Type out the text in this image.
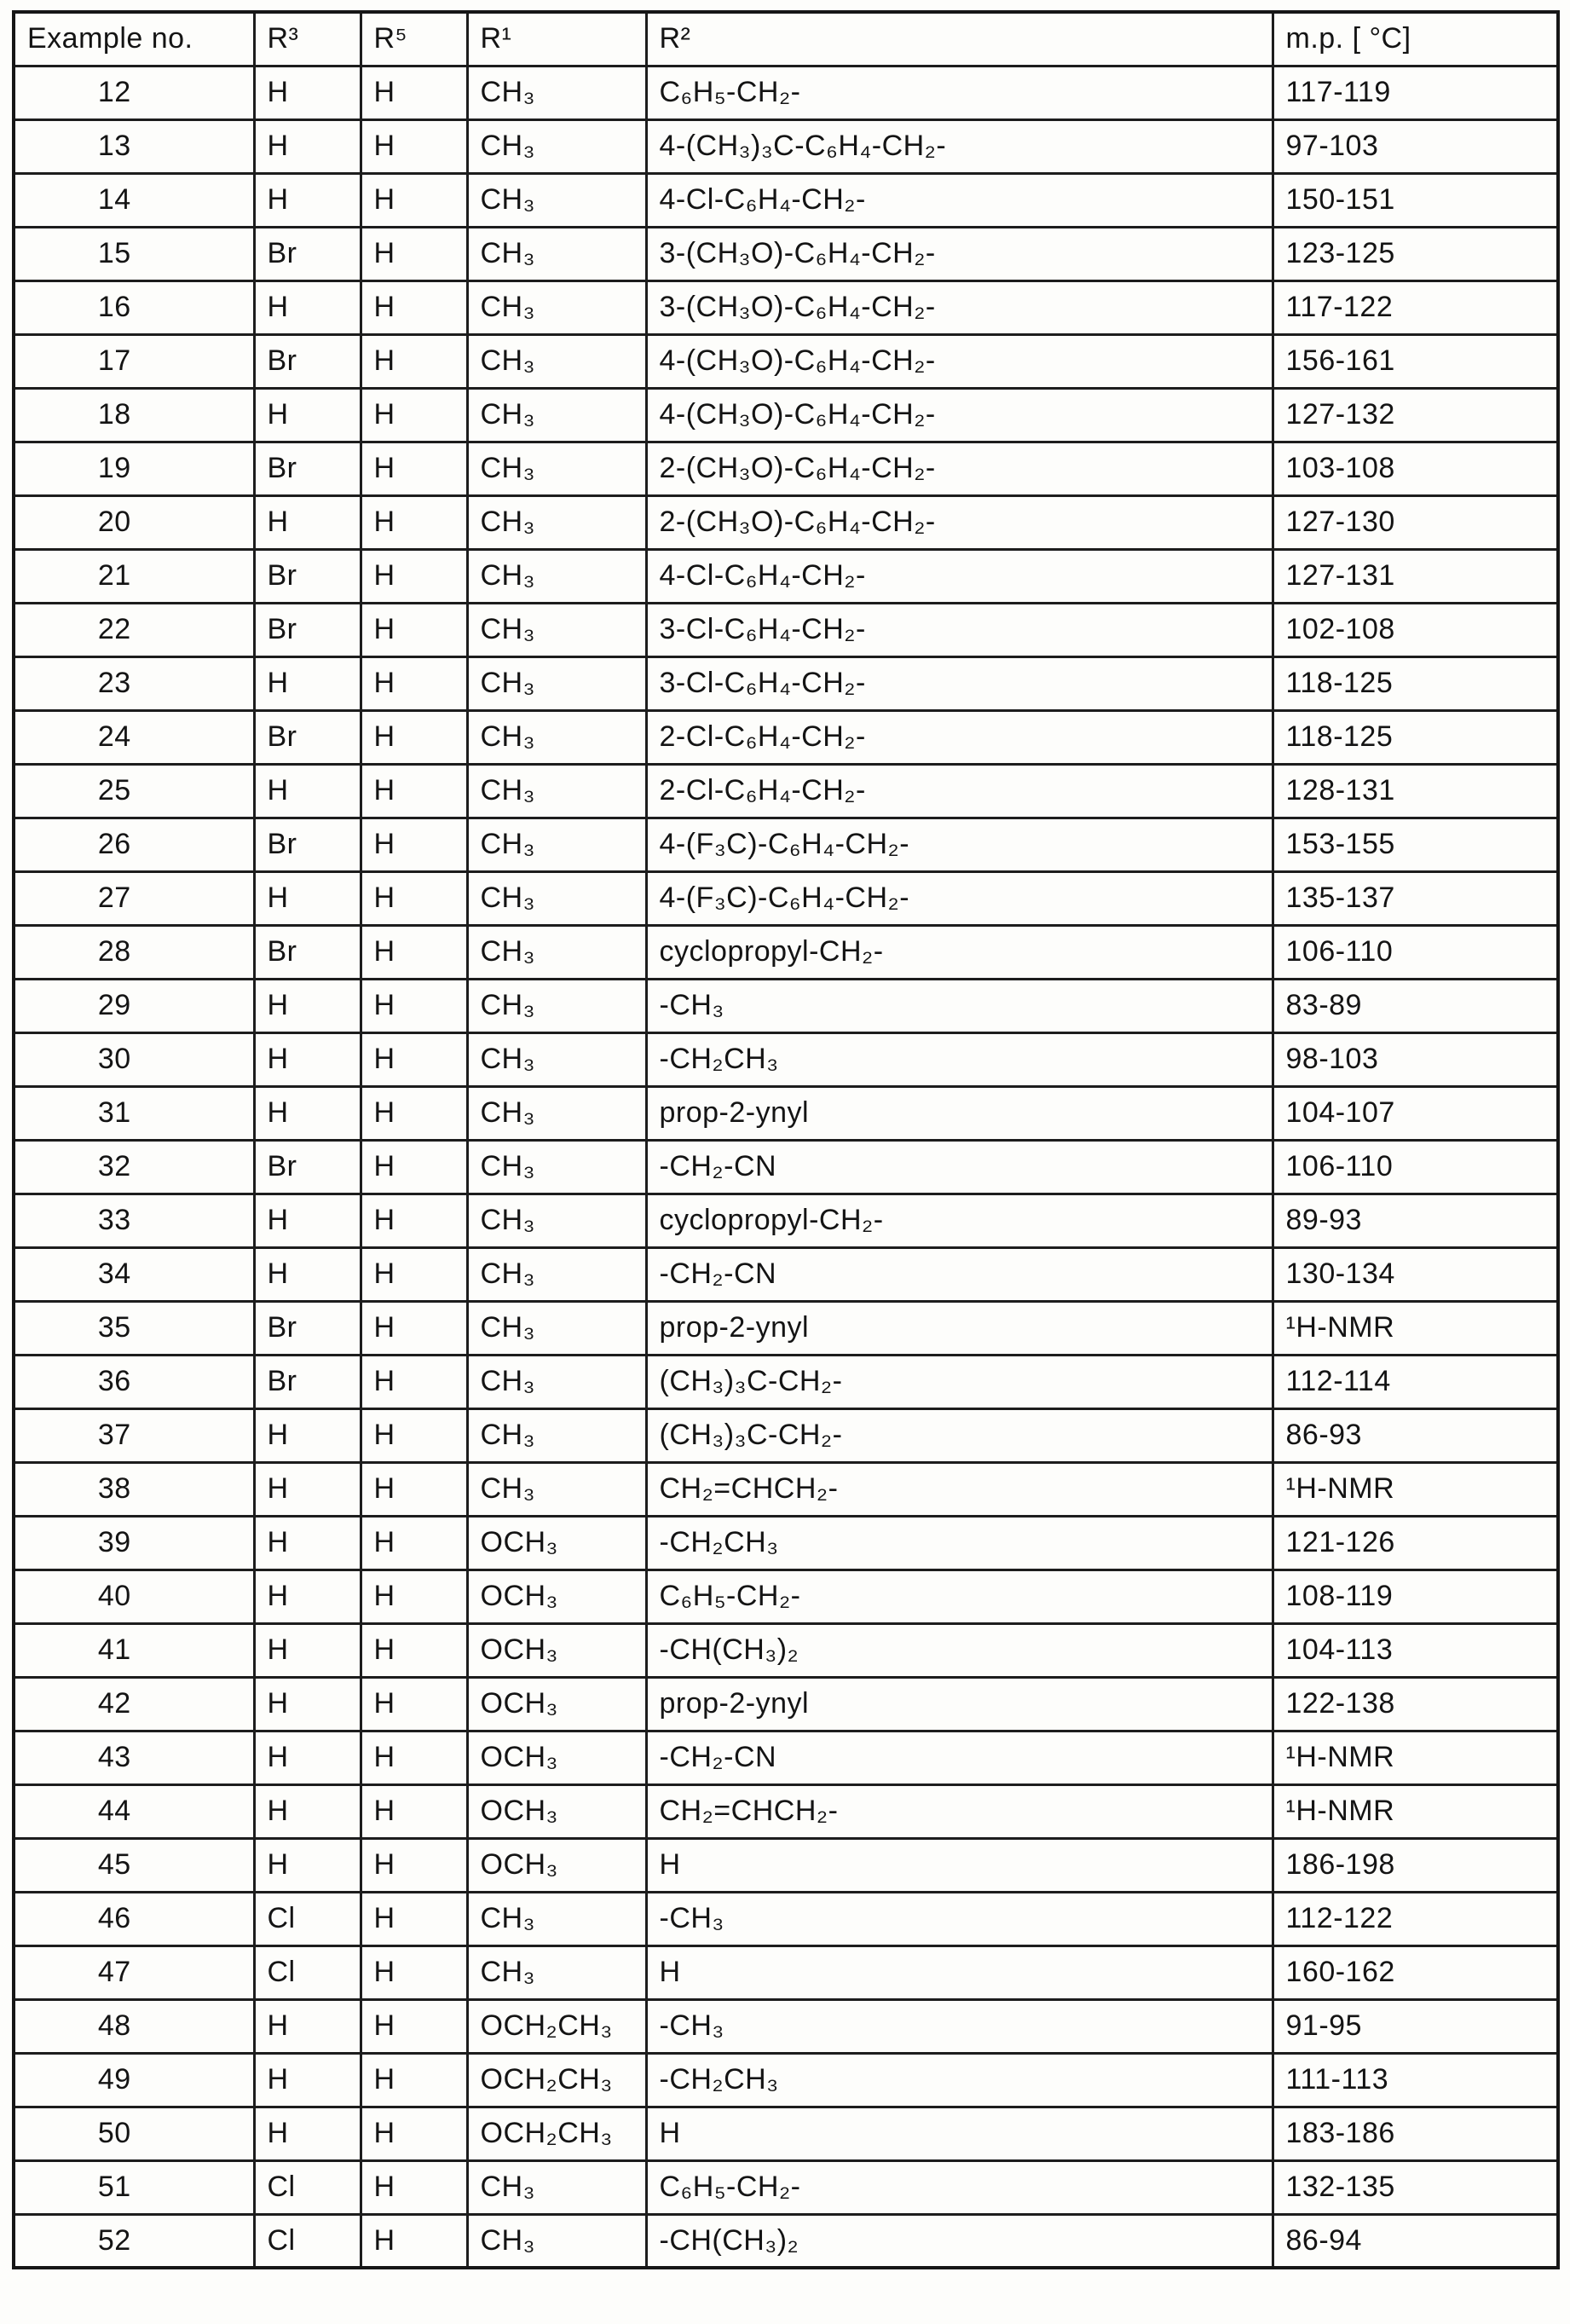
Example no.	R³	R⁵	R¹	R²	m.p. [ °C]
12	H	H	CH₃	C₆H₅-CH₂-	117-119
13	H	H	CH₃	4-(CH₃)₃C-C₆H₄-CH₂-	97-103
14	H	H	CH₃	4-Cl-C₆H₄-CH₂-	150-151
15	Br	H	CH₃	3-(CH₃O)-C₆H₄-CH₂-	123-125
16	H	H	CH₃	3-(CH₃O)-C₆H₄-CH₂-	117-122
17	Br	H	CH₃	4-(CH₃O)-C₆H₄-CH₂-	156-161
18	H	H	CH₃	4-(CH₃O)-C₆H₄-CH₂-	127-132
19	Br	H	CH₃	2-(CH₃O)-C₆H₄-CH₂-	103-108
20	H	H	CH₃	2-(CH₃O)-C₆H₄-CH₂-	127-130
21	Br	H	CH₃	4-Cl-C₆H₄-CH₂-	127-131
22	Br	H	CH₃	3-Cl-C₆H₄-CH₂-	102-108
23	H	H	CH₃	3-Cl-C₆H₄-CH₂-	118-125
24	Br	H	CH₃	2-Cl-C₆H₄-CH₂-	118-125
25	H	H	CH₃	2-Cl-C₆H₄-CH₂-	128-131
26	Br	H	CH₃	4-(F₃C)-C₆H₄-CH₂-	153-155
27	H	H	CH₃	4-(F₃C)-C₆H₄-CH₂-	135-137
28	Br	H	CH₃	cyclopropyl-CH₂-	106-110
29	H	H	CH₃	-CH₃	83-89
30	H	H	CH₃	-CH₂CH₃	98-103
31	H	H	CH₃	prop-2-ynyl	104-107
32	Br	H	CH₃	-CH₂-CN	106-110
33	H	H	CH₃	cyclopropyl-CH₂-	89-93
34	H	H	CH₃	-CH₂-CN	130-134
35	Br	H	CH₃	prop-2-ynyl	¹H-NMR
36	Br	H	CH₃	(CH₃)₃C-CH₂-	112-114
37	H	H	CH₃	(CH₃)₃C-CH₂-	86-93
38	H	H	CH₃	CH₂=CHCH₂-	¹H-NMR
39	H	H	OCH₃	-CH₂CH₃	121-126
40	H	H	OCH₃	C₆H₅-CH₂-	108-119
41	H	H	OCH₃	-CH(CH₃)₂	104-113
42	H	H	OCH₃	prop-2-ynyl	122-138
43	H	H	OCH₃	-CH₂-CN	¹H-NMR
44	H	H	OCH₃	CH₂=CHCH₂-	¹H-NMR
45	H	H	OCH₃	H	186-198
46	Cl	H	CH₃	-CH₃	112-122
47	Cl	H	CH₃	H	160-162
48	H	H	OCH₂CH₃	-CH₃	91-95
49	H	H	OCH₂CH₃	-CH₂CH₃	111-113
50	H	H	OCH₂CH₃	H	183-186
51	Cl	H	CH₃	C₆H₅-CH₂-	132-135
52	Cl	H	CH₃	-CH(CH₃)₂	86-94
